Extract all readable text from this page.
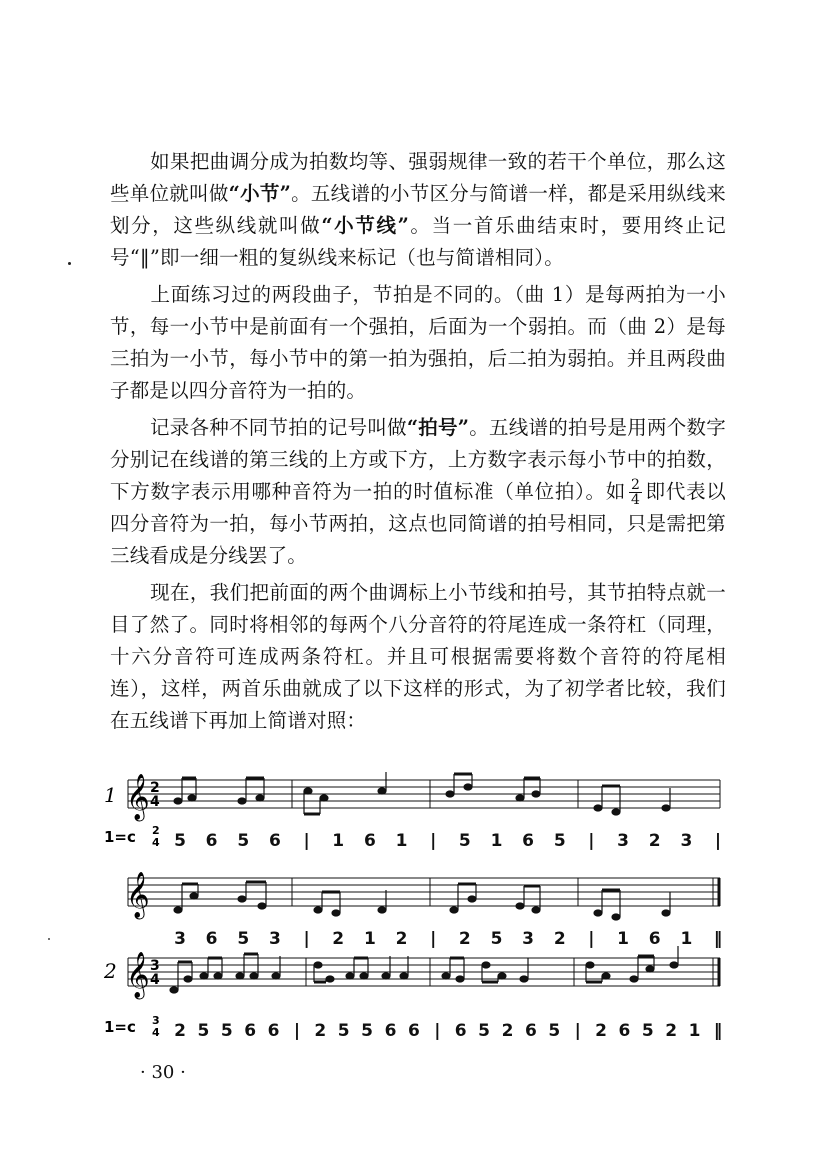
如果把曲调分成为拍数均等、强弱规律一致的若干个单位，那么这些单位就叫做“小节”。五线谱的小节区分与简谱一样，都是采用纵线来划分，这些纵线就叫做“小节线”。当一首乐曲结束时，要用终止记号“‖”即一细一粗的复纵线来标记（也与简谱相同）。

上面练习过的两段曲子，节拍是不同的。（曲 1）是每两拍为一小节，每一小节中是前面有一个强拍，后面为一个弱拍。而（曲 2）是每三拍为一小节，每小节中的第一拍为强拍，后二拍为弱拍。并且两段曲子都是以四分音符为一拍的。

记录各种不同节拍的记号叫做“拍号”。五线谱的拍号是用两个数字分别记在线谱的第三线的上方或下方，上方数字表示每小节中的拍数，下方数字表示用哪种音符为一拍的时值标准（单位拍）。如 $\frac{2}{4}$ 即代表以四分音符为一拍，每小节两拍，这点也同简谱的拍号相同，只是需把第三线看成是分线罢了。

现在，我们把前面的两个曲调标上小节线和拍号，其节拍特点就一目了然了。同时将相邻的每两个八分音符的符尾连成一条符杠（同理，十六分音符可连成两条符杠。并且可根据需要将数个音符的符尾相连），这样，两首乐曲就成了以下这样的形式，为了初学者比较，我们在五线谱下再加上简谱对照：

1 𝄞 2
4
1=c 2
4 5 6 5 6 | 1 6 1 | 5 1 6 5 | 3 2 3 |
𝄞
3 6 5 3 | 2 1 2 | 2 5 3 2 | 1 6 1 ‖
2 𝄞 3
4
1=c 3
4 2 5 5 6 6 | 2 5 5 6 6 | 6 5 2 6 5 | 2 6 5 2 1 ‖
· 30 ·
